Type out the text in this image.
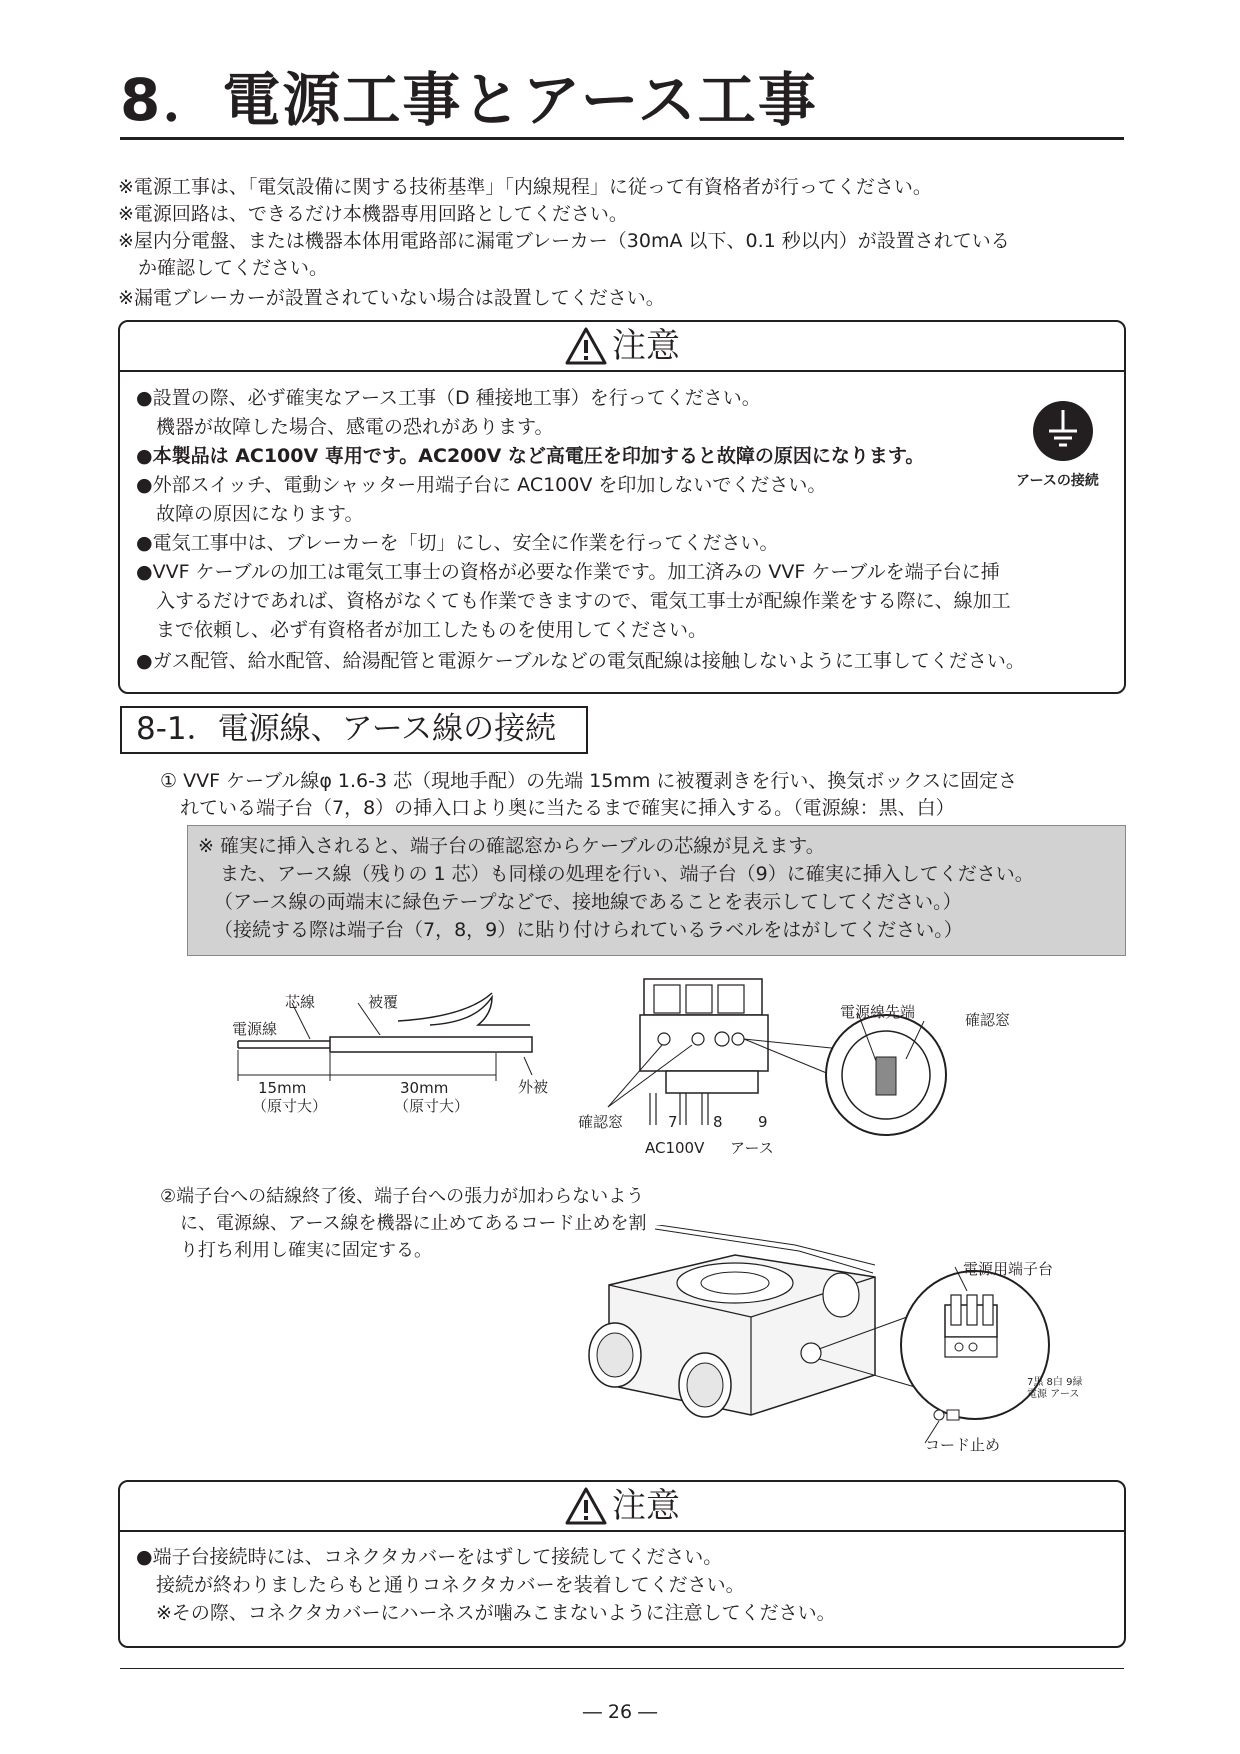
8．電源工事とアース工事
※電源工事は、「電気設備に関する技術基準」「内線規程」に従って有資格者が行ってください。
※電源回路は、できるだけ本機器専用回路としてください。
※屋内分電盤、または機器本体用電路部に漏電ブレーカー（30mA 以下、0.1 秒以内）が設置されている
か確認してください。
※漏電ブレーカーが設置されていない場合は設置してください。
注意
●設置の際、必ず確実なアース工事（D 種接地工事）を行ってください。
機器が故障した場合、感電の恐れがあります。
●本製品は AC100V 専用です。AC200V など高電圧を印加すると故障の原因になります。
●外部スイッチ、電動シャッター用端子台に AC100V を印加しないでください。
故障の原因になります。
●電気工事中は、ブレーカーを「切」にし、安全に作業を行ってください。
●VVF ケーブルの加工は電気工事士の資格が必要な作業です。加工済みの VVF ケーブルを端子台に挿
入するだけであれば、資格がなくても作業できますので、電気工事士が配線作業をする際に、線加工
まで依頼し、必ず有資格者が加工したものを使用してください。
●ガス配管、給水配管、給湯配管と電源ケーブルなどの電気配線は接触しないように工事してください。
アースの接続
8-1．電源線、アース線の接続
① VVF ケーブル線φ 1.6-3 芯（現地手配）の先端 15mm に被覆剥きを行い、換気ボックスに固定さ
れている端子台（7，8）の挿入口より奥に当たるまで確実に挿入する。（電源線：黒、白）
※ 確実に挿入されると、端子台の確認窓からケーブルの芯線が見えます。
また、アース線（残りの 1 芯）も同様の処理を行い、端子台（9）に確実に挿入してください。
（アース線の両端末に緑色テープなどで、接地線であることを表示してしてください。）
（接続する際は端子台（7，8，9）に貼り付けられているラベルをはがしてください。）
芯線	被覆
電源線
15mm
（原寸大）
30mm
（原寸大）
外被
電源線先端	確認窓
確認窓	7 8 9
AC100V アース
②端子台への結線終了後、端子台への張力が加わらないよう
に、電源線、アース線を機器に止めてあるコード止めを割
り打ち利用し確実に固定する。
電源用端子台
7黒 8白 9緑
電源 アース
コード止め
注意
●端子台接続時には、コネクタカバーをはずして接続してください。
接続が終わりましたらもと通りコネクタカバーを装着してください。
※その際、コネクタカバーにハーネスが噛みこまないように注意してください。
― 26 ―
